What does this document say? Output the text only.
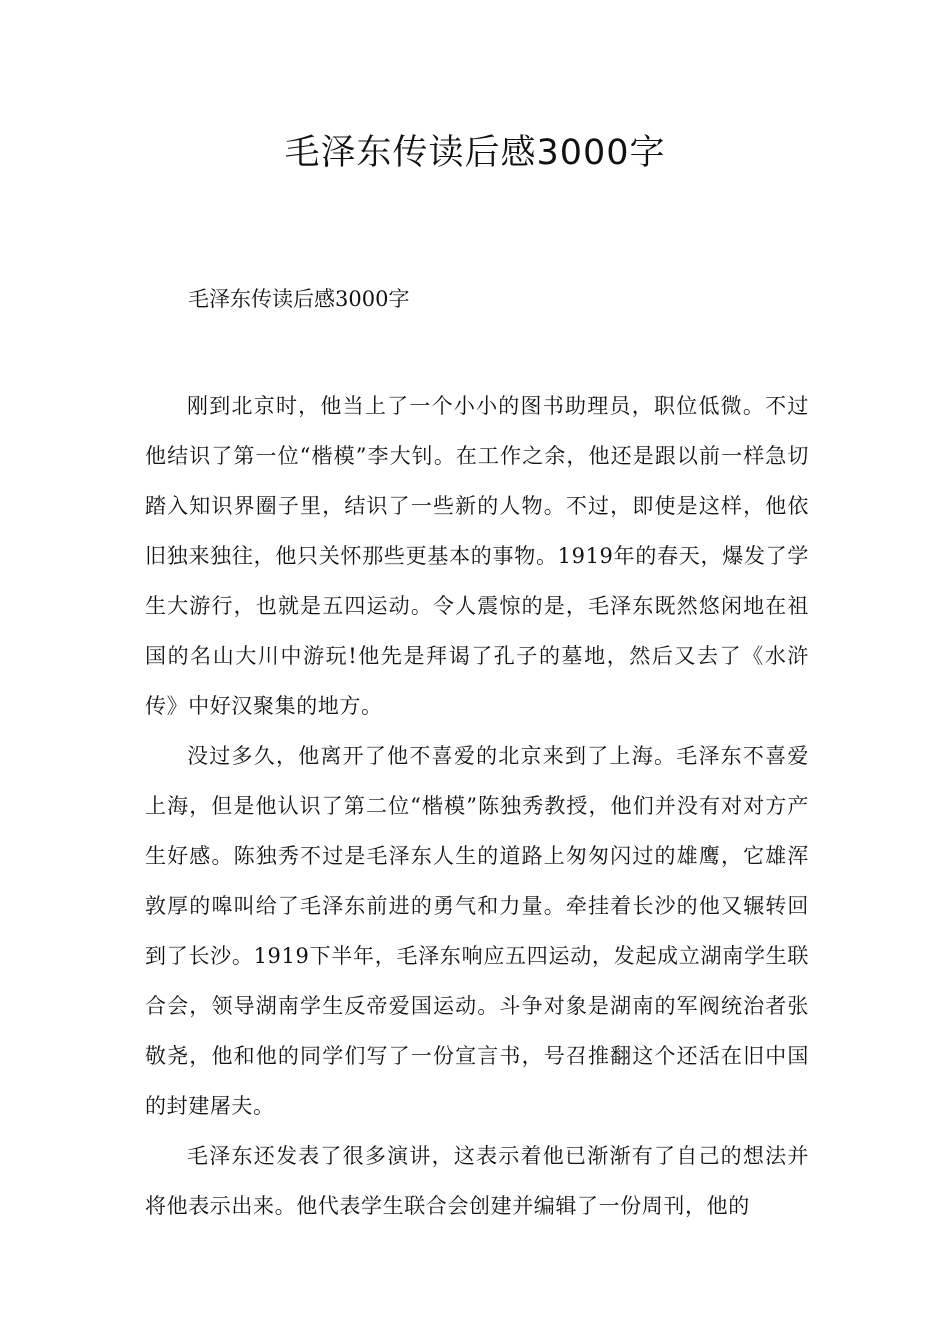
毛泽东传读后感3000字

毛泽东传读后感3000字

刚到北京时，他当上了一个小小的图书助理员，职位低微。不过他结识了第一位“楷模”李大钊。在工作之余，他还是跟以前一样急切踏入知识界圈子里，结识了一些新的人物。不过，即使是这样，他依旧独来独往，他只关怀那些更基本的事物。1919年的春天，爆发了学生大游行，也就是五四运动。令人震惊的是，毛泽东既然悠闲地在祖国的名山大川中游玩!他先是拜谒了孔子的墓地，然后又去了《水浒传》中好汉聚集的地方。

没过多久，他离开了他不喜爱的北京来到了上海。毛泽东不喜爱上海，但是他认识了第二位“楷模”陈独秀教授，他们并没有对对方产生好感。陈独秀不过是毛泽东人生的道路上匆匆闪过的雄鹰，它雄浑敦厚的嗥叫给了毛泽东前进的勇气和力量。牵挂着长沙的他又辗转回到了长沙。1919下半年，毛泽东响应五四运动，发起成立湖南学生联合会，领导湖南学生反帝爱国运动。斗争对象是湖南的军阀统治者张敬尧，他和他的同学们写了一份宣言书，号召推翻这个还活在旧中国的封建屠夫。

毛泽东还发表了很多演讲，这表示着他已渐渐有了自己的想法并将他表示出来。他代表学生联合会创建并编辑了一份周刊，他的
